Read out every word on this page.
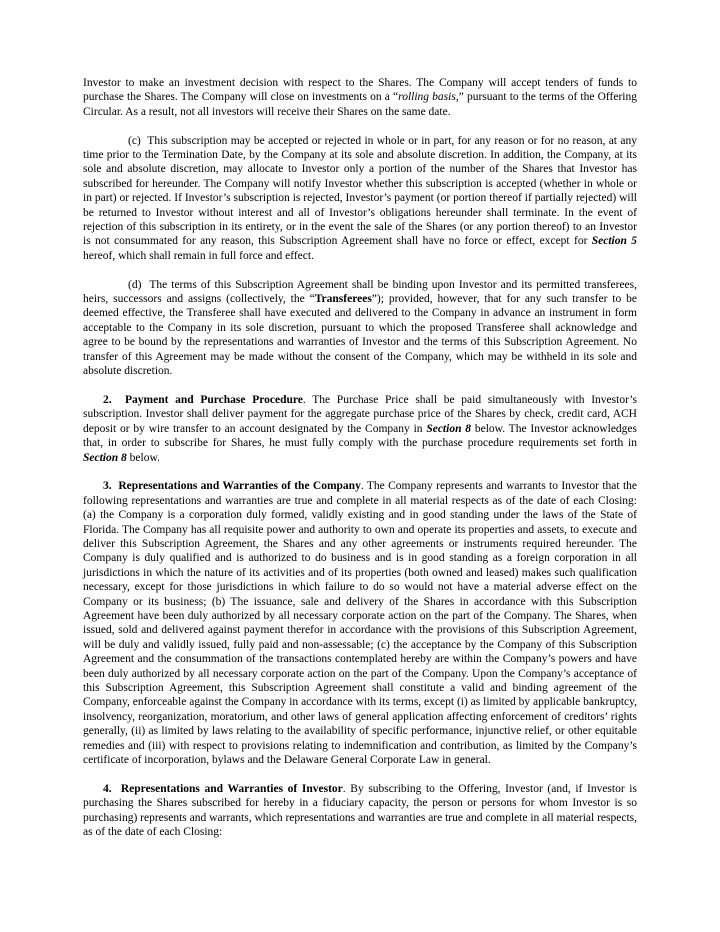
Investor to make an investment decision with respect to the Shares. The Company will accept tenders of funds to purchase the Shares. The Company will close on investments on a “rolling basis,” pursuant to the terms of the Offering Circular. As a result, not all investors will receive their Shares on the same date.

(c)  This subscription may be accepted or rejected in whole or in part, for any reason or for no reason, at any time prior to the Termination Date, by the Company at its sole and absolute discretion. In addition, the Company, at its sole and absolute discretion, may allocate to Investor only a portion of the number of the Shares that Investor has subscribed for hereunder. The Company will notify Investor whether this subscription is accepted (whether in whole or in part) or rejected. If Investor’s subscription is rejected, Investor’s payment (or portion thereof if partially rejected) will be returned to Investor without interest and all of Investor’s obligations hereunder shall terminate. In the event of rejection of this subscription in its entirety, or in the event the sale of the Shares (or any portion thereof) to an Investor is not consummated for any reason, this Subscription Agreement shall have no force or effect, except for Section 5 hereof, which shall remain in full force and effect.

(d)  The terms of this Subscription Agreement shall be binding upon Investor and its permitted transferees, heirs, successors and assigns (collectively, the “Transferees”); provided, however, that for any such transfer to be deemed effective, the Transferee shall have executed and delivered to the Company in advance an instrument in form acceptable to the Company in its sole discretion, pursuant to which the proposed Transferee shall acknowledge and agree to be bound by the representations and warranties of Investor and the terms of this Subscription Agreement. No transfer of this Agreement may be made without the consent of the Company, which may be withheld in its sole and absolute discretion.

2.  Payment and Purchase Procedure. The Purchase Price shall be paid simultaneously with Investor’s subscription. Investor shall deliver payment for the aggregate purchase price of the Shares by check, credit card, ACH deposit or by wire transfer to an account designated by the Company in Section 8 below. The Investor acknowledges that, in order to subscribe for Shares, he must fully comply with the purchase procedure requirements set forth in Section 8 below.

3.  Representations and Warranties of the Company. The Company represents and warrants to Investor that the following representations and warranties are true and complete in all material respects as of the date of each Closing: (a) the Company is a corporation duly formed, validly existing and in good standing under the laws of the State of Florida. The Company has all requisite power and authority to own and operate its properties and assets, to execute and deliver this Subscription Agreement, the Shares and any other agreements or instruments required hereunder. The Company is duly qualified and is authorized to do business and is in good standing as a foreign corporation in all jurisdictions in which the nature of its activities and of its properties (both owned and leased) makes such qualification necessary, except for those jurisdictions in which failure to do so would not have a material adverse effect on the Company or its business; (b) The issuance, sale and delivery of the Shares in accordance with this Subscription Agreement have been duly authorized by all necessary corporate action on the part of the Company. The Shares, when issued, sold and delivered against payment therefor in accordance with the provisions of this Subscription Agreement, will be duly and validly issued, fully paid and non-assessable; (c) the acceptance by the Company of this Subscription Agreement and the consummation of the transactions contemplated hereby are within the Company’s powers and have been duly authorized by all necessary corporate action on the part of the Company. Upon the Company’s acceptance of this Subscription Agreement, this Subscription Agreement shall constitute a valid and binding agreement of the Company, enforceable against the Company in accordance with its terms, except (i) as limited by applicable bankruptcy, insolvency, reorganization, moratorium, and other laws of general application affecting enforcement of creditors’ rights generally, (ii) as limited by laws relating to the availability of specific performance, injunctive relief, or other equitable remedies and (iii) with respect to provisions relating to indemnification and contribution, as limited by the Company’s certificate of incorporation, bylaws and the Delaware General Corporate Law in general.

4.  Representations and Warranties of Investor. By subscribing to the Offering, Investor (and, if Investor is purchasing the Shares subscribed for hereby in a fiduciary capacity, the person or persons for whom Investor is so purchasing) represents and warrants, which representations and warranties are true and complete in all material respects, as of the date of each Closing:
